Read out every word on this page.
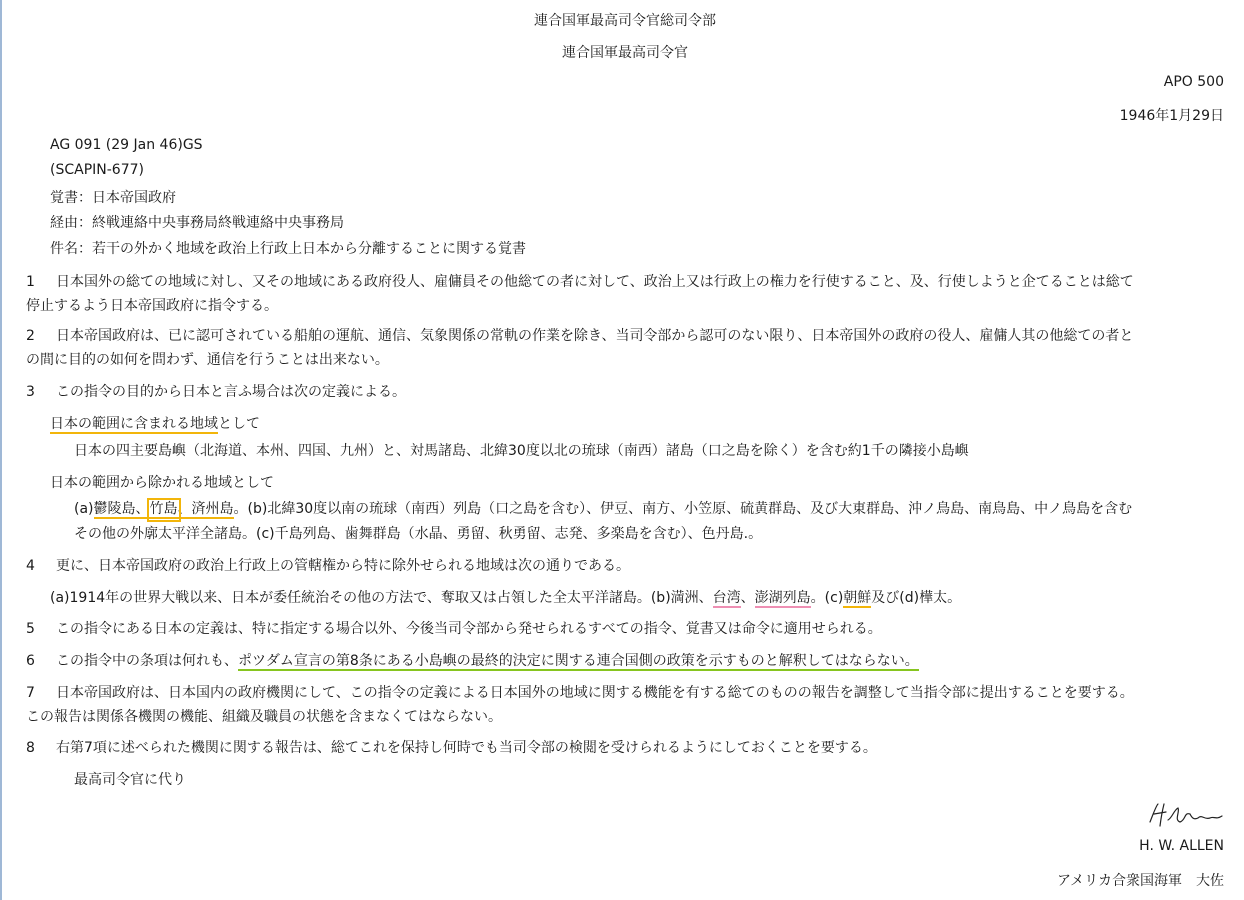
連合国軍最高司令官総司令部
連合国軍最高司令官
APO 500
1946年1月29日
AG 091 (29 Jan 46)GS
(SCAPIN-677)
覚書：日本帝国政府
経由：終戦連絡中央事務局終戦連絡中央事務局
件名：若干の外かく地域を政治上行政上日本から分離することに関する覚書
1 日本国外の総ての地域に対し、又その地域にある政府役人、雇傭員その他総ての者に対して、政治上又は行政上の権力を行使すること、及、行使しようと企てることは総て
停止するよう日本帝国政府に指令する。
2 日本帝国政府は、已に認可されている船舶の運航、通信、気象関係の常軌の作業を除き、当司令部から認可のない限り、日本帝国外の政府の役人、雇傭人其の他総ての者と
の間に目的の如何を問わず、通信を行うことは出来ない。
3 この指令の目的から日本と言ふ場合は次の定義による。
日本の範囲に含まれる地域として
日本の四主要島嶼（北海道、本州、四国、九州）と、対馬諸島、北緯30度以北の琉球（南西）諸島（口之島を除く）を含む約1千の隣接小島嶼
日本の範囲から除かれる地域として
(a)鬱陵島、竹島、済州島。(b)北緯30度以南の琉球（南西）列島（口之島を含む）、伊豆、南方、小笠原、硫黄群島、及び大東群島、沖ノ鳥島、南鳥島、中ノ鳥島を含む
その他の外廓太平洋全諸島。(c)千島列島、歯舞群島（水晶、勇留、秋勇留、志発、多楽島を含む）、色丹島.。
4 更に、日本帝国政府の政治上行政上の管轄権から特に除外せられる地域は次の通りである。
(a)1914年の世界大戦以来、日本が委任統治その他の方法で、奪取又は占領した全太平洋諸島。(b)満洲、台湾、澎湖列島。(c)朝鮮及び(d)樺太。
5 この指令にある日本の定義は、特に指定する場合以外、今後当司令部から発せられるすべての指令、覚書又は命令に適用せられる。
6 この指令中の条項は何れも、ポツダム宣言の第8条にある小島嶼の最終的決定に関する連合国側の政策を示すものと解釈してはならない。
7 日本帝国政府は、日本国内の政府機関にして、この指令の定義による日本国外の地域に関する機能を有する総てのものの報告を調整して当指令部に提出することを要する。
この報告は関係各機関の機能、組織及職員の状態を含まなくてはならない。
8 右第7項に述べられた機関に関する報告は、総てこれを保持し何時でも当司令部の検閲を受けられるようにしておくことを要する。
最高司令官に代り
H. W. ALLEN
アメリカ合衆国海軍　大佐
